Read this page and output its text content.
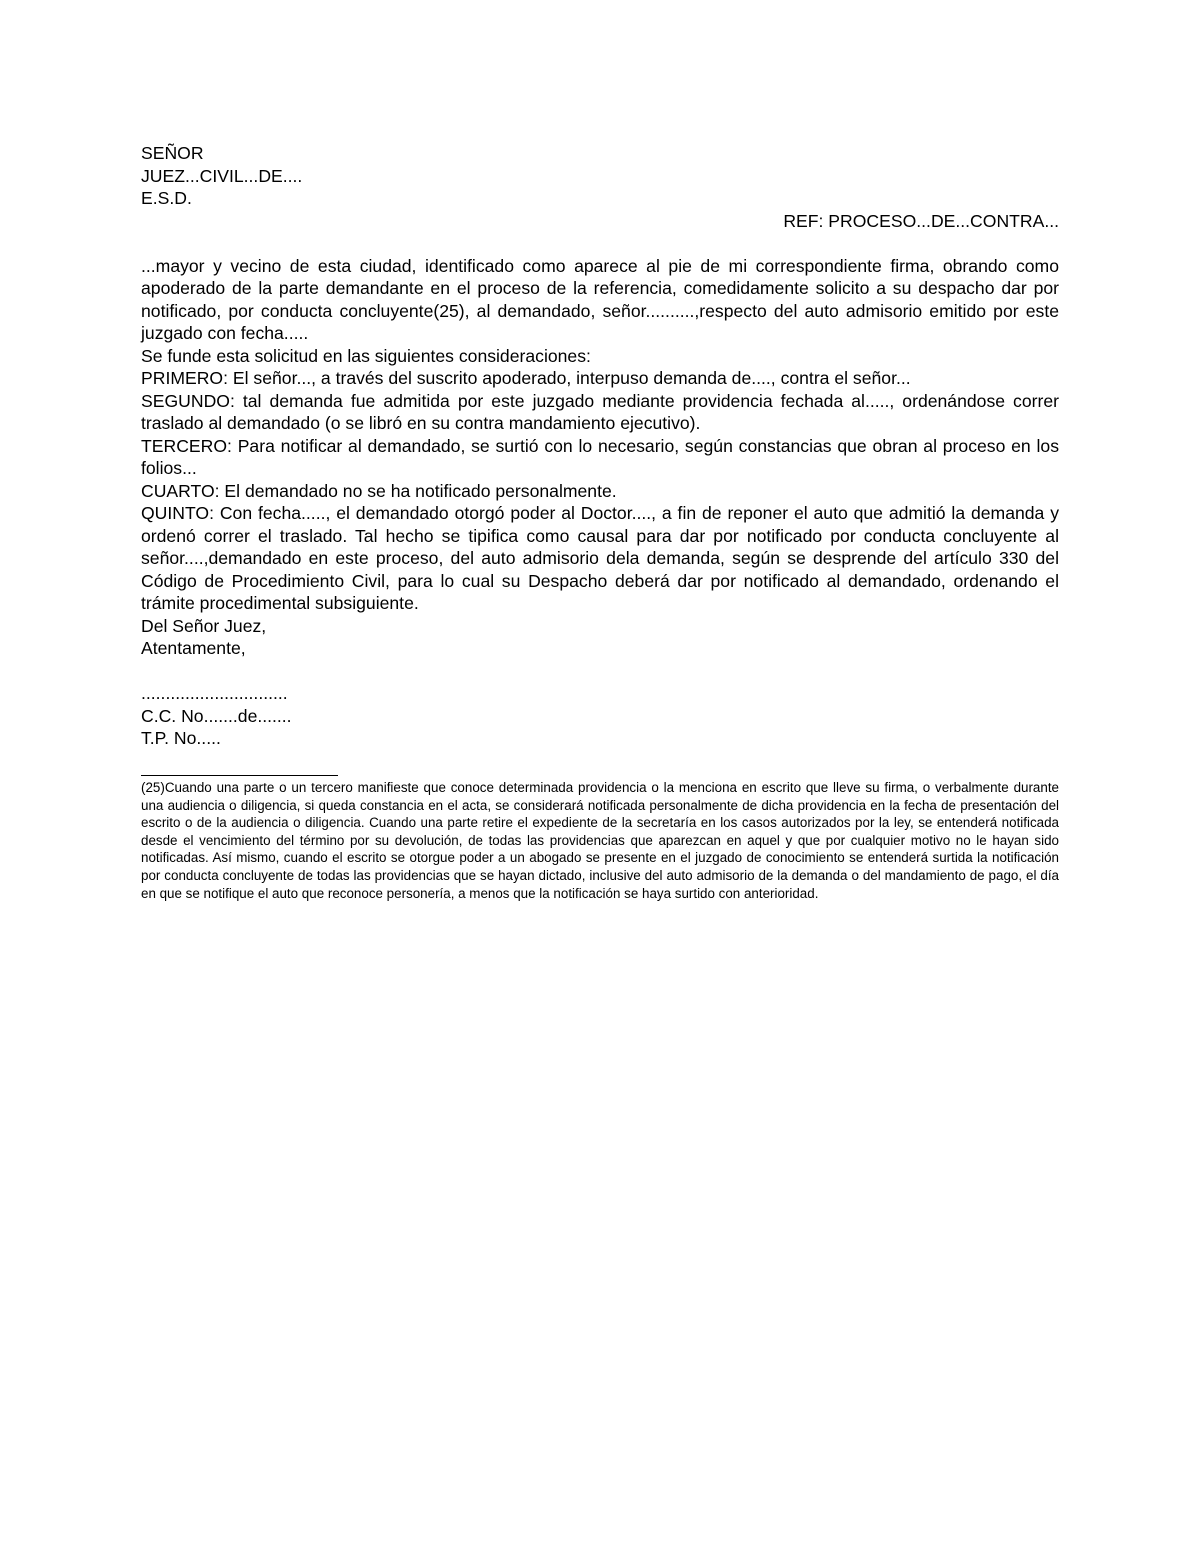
SEÑOR
JUEZ...CIVIL...DE....
E.S.D.
REF: PROCESO...DE...CONTRA...
...mayor y vecino de esta ciudad, identificado como aparece al pie de mi correspondiente firma, obrando como apoderado de la parte demandante en el proceso de la referencia, comedidamente solicito a su despacho dar por notificado, por conducta concluyente(25), al demandado, señor..........,respecto del auto admisorio emitido por este juzgado con fecha.....
Se funde esta solicitud en las siguientes consideraciones:
PRIMERO: El señor..., a través del suscrito apoderado, interpuso demanda de...., contra el señor...
SEGUNDO: tal demanda fue admitida por este juzgado mediante providencia fechada al....., ordenándose correr traslado al demandado (o se libró en su contra mandamiento ejecutivo).
TERCERO: Para notificar al demandado, se surtió con lo necesario, según constancias que obran al proceso en los folios...
CUARTO: El demandado no se ha notificado personalmente.
QUINTO: Con fecha....., el demandado otorgó poder al Doctor...., a fin de reponer el auto que admitió la demanda y ordenó correr el traslado. Tal hecho se tipifica como causal para dar por notificado por conducta concluyente al señor....,demandado en este proceso, del auto admisorio dela demanda, según se desprende del artículo 330 del Código de Procedimiento Civil, para lo cual su Despacho deberá dar por notificado al demandado, ordenando el trámite procedimental subsiguiente.
Del Señor Juez,
Atentamente,
..............................
C.C. No.......de.......
T.P. No.....
(25)Cuando una parte o un tercero manifieste que conoce determinada providencia o la menciona en escrito que lleve su firma, o verbalmente durante una audiencia o diligencia, si queda constancia en el acta, se considerará notificada personalmente de dicha providencia en la fecha de presentación del escrito o de la audiencia o diligencia. Cuando una parte retire el expediente de la secretaría en los casos autorizados por la ley, se entenderá notificada desde el vencimiento del término por su devolución, de todas las providencias que aparezcan en aquel y que por cualquier motivo no le hayan sido notificadas. Así mismo, cuando el escrito se otorgue poder a un abogado se presente en el juzgado de conocimiento se entenderá surtida la notificación por conducta concluyente de todas las providencias que se hayan dictado, inclusive del auto admisorio de la demanda o del mandamiento de pago, el día en que se notifique el auto que reconoce personería, a menos que la notificación se haya surtido con anterioridad.
